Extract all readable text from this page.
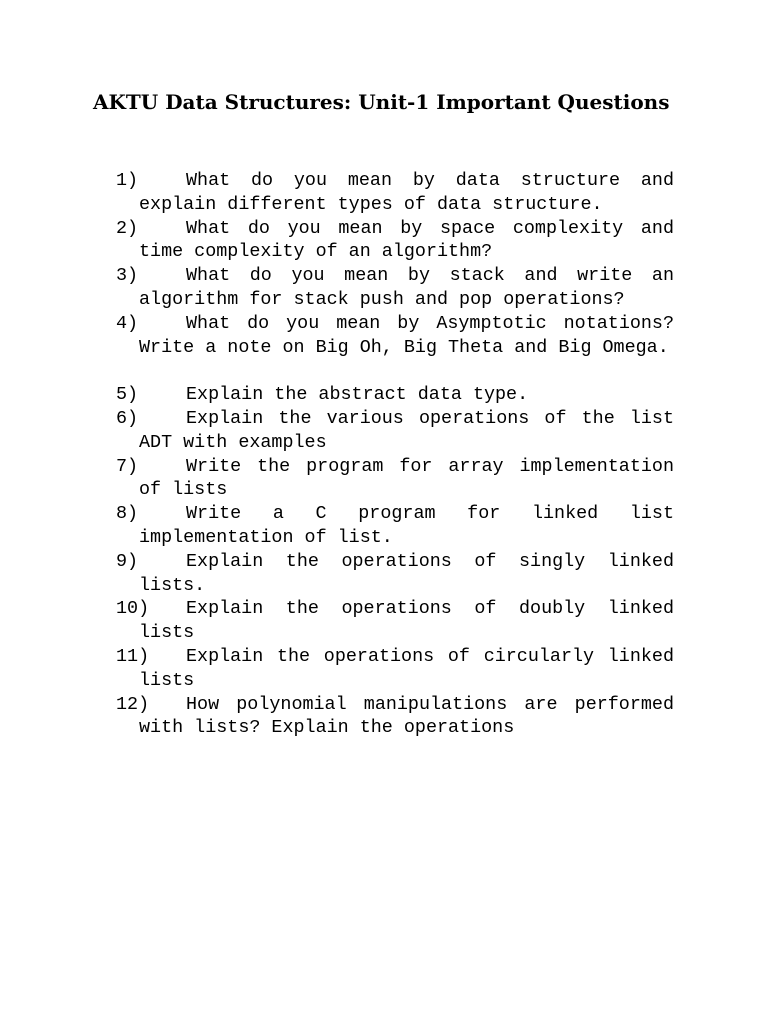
AKTU Data Structures: Unit-1 Important Questions
1)	What do you mean by data structure and explain different types of data structure.
2)	What do you mean by space complexity and time complexity of an algorithm?
3)	What do you mean by stack and write an algorithm for stack push and pop operations?
4)	What do you mean by Asymptotic notations? Write a note on Big Oh, Big Theta and Big Omega.
5)	Explain the abstract data type.
6)	Explain the various operations of the list ADT with examples
7)	Write the program for array implementation of lists
8)	Write a C program for linked list implementation of list.
9)	Explain the operations of singly linked lists.
10)	Explain the operations of doubly linked lists
11)	Explain the operations of circularly linked lists
12)	How polynomial manipulations are performed with lists? Explain the operations
